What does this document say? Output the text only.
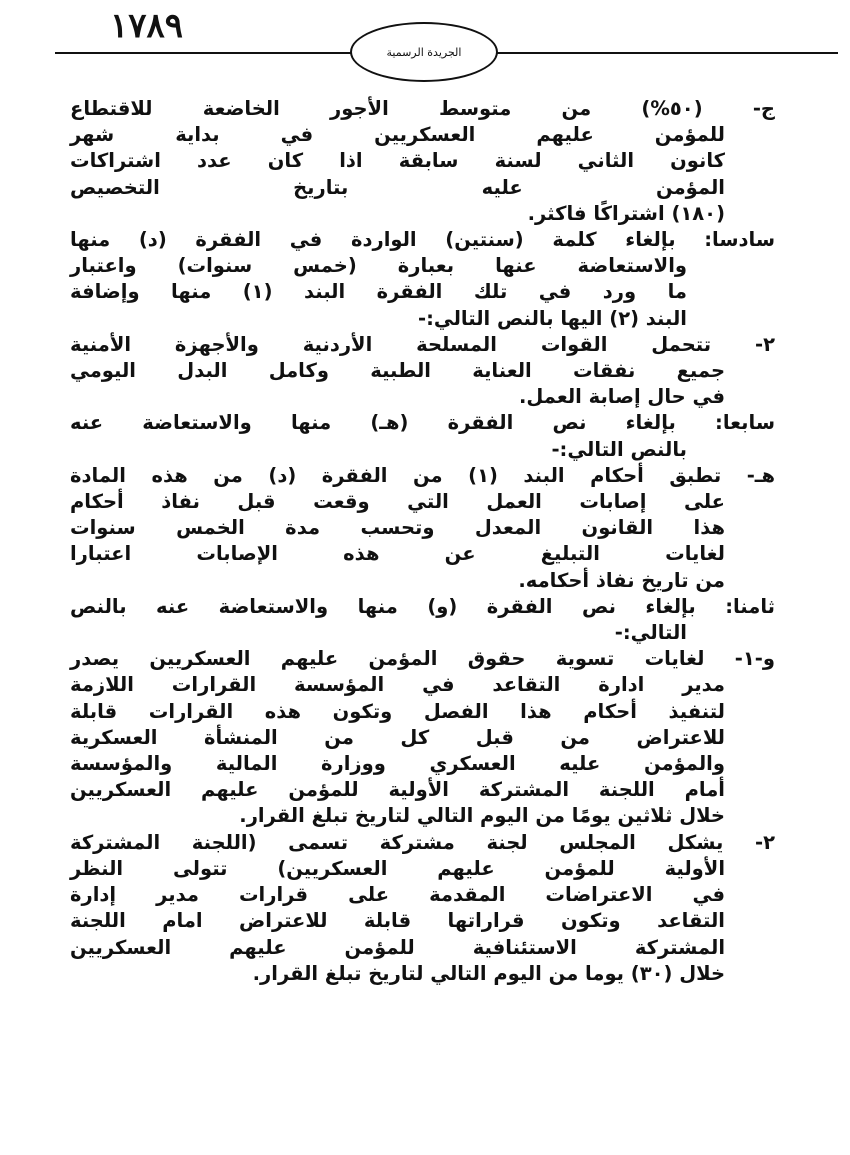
١٧٨٩
الجريدة الرسمية
ج- (٥٠%) من متوسط الأجور الخاضعة للاقتطاع
للمؤمن عليهم العسكريين في بداية شهر
كانون الثاني لسنة سابقة اذا كان عدد اشتراكات
المؤمن عليه بتاريخ التخصيص
(١٨٠) اشتراكًا فاكثر.
سادسا: بإلغاء كلمة (سنتين) الواردة في الفقرة (د) منها
والاستعاضة عنها بعبارة (خمس سنوات) واعتبار
ما ورد في تلك الفقرة البند (١) منها وإضافة
البند (٢) اليها بالنص التالي:-
٢- تتحمل القوات المسلحة الأردنية والأجهزة الأمنية
جميع نفقات العناية الطبية وكامل البدل اليومي
في حال إصابة العمل.
سابعا: بإلغاء نص الفقرة (هـ) منها والاستعاضة عنه
بالنص التالي:-
هـ- تطبق أحكام البند (١) من الفقرة (د) من هذه المادة
على إصابات العمل التي وقعت قبل نفاذ أحكام
هذا القانون المعدل وتحسب مدة الخمس سنوات
لغايات التبليغ عن هذه الإصابات اعتبارا
من تاريخ نفاذ أحكامه.
ثامنا: بإلغاء نص الفقرة (و) منها والاستعاضة عنه بالنص
التالي:-
و-١- لغايات تسوية حقوق المؤمن عليهم العسكريين يصدر
مدير ادارة التقاعد في المؤسسة القرارات اللازمة
لتنفيذ أحكام هذا الفصل وتكون هذه القرارات قابلة
للاعتراض من قبل كل من المنشأة العسكرية
والمؤمن عليه العسكري ووزارة المالية والمؤسسة
أمام اللجنة المشتركة الأولية للمؤمن عليهم العسكريين
خلال ثلاثين يومًا من اليوم التالي لتاريخ تبلغ القرار.
٢- يشكل المجلس لجنة مشتركة تسمى (اللجنة المشتركة
الأولية للمؤمن عليهم العسكريين) تتولى النظر
في الاعتراضات المقدمة على قرارات مدير إدارة
التقاعد وتكون قراراتها قابلة للاعتراض امام اللجنة
المشتركة الاستئنافية للمؤمن عليهم العسكريين
خلال (٣٠) يوما من اليوم التالي لتاريخ تبلغ القرار.
